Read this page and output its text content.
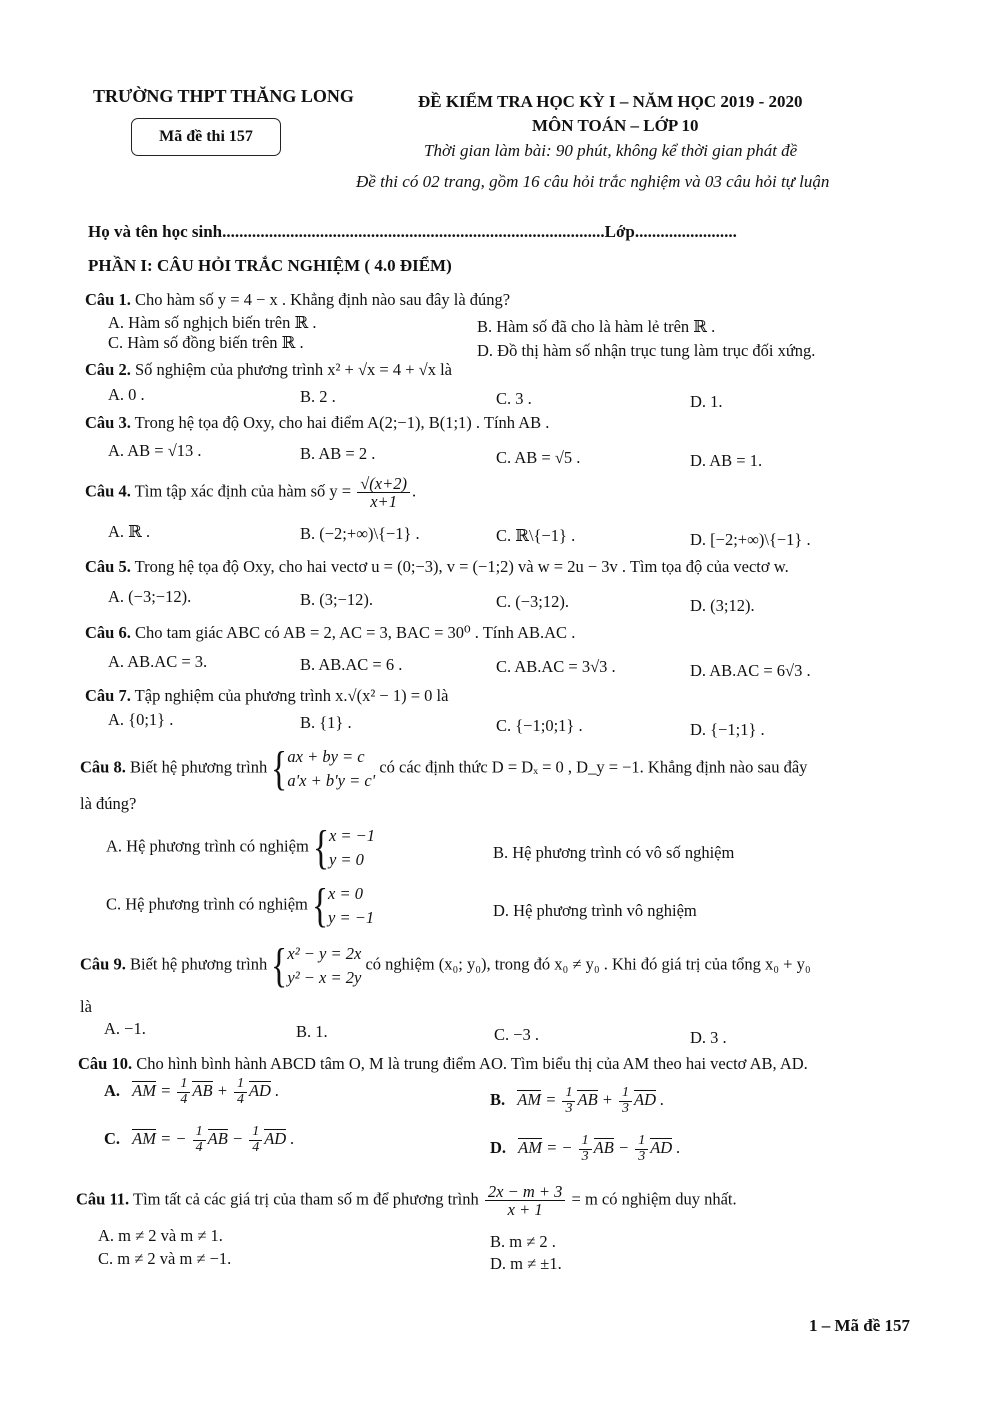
TRƯỜNG THPT THĂNG LONG	ĐỀ KIỂM TRA HỌC KỲ I – NĂM HỌC 2019 - 2020
MÔN TOÁN – LỚP 10
Mã đề thi 157
Thời gian làm bài: 90 phút, không kể thời gian phát đề
Đề thi có 02 trang, gồm 16 câu hỏi trắc nghiệm và 03 câu hỏi tự luận
Họ và tên học sinh..........................................................................................Lớp........................
PHẦN I: CÂU HỎI TRẮC NGHIỆM ( 4.0 ĐIỂM)
Câu 1. Cho hàm số y = 4 − x . Khẳng định nào sau đây là đúng?
A. Hàm số nghịch biến trên ℝ .	B. Hàm số đã cho là hàm lẻ trên ℝ .
C. Hàm số đồng biến trên ℝ .	D. Đồ thị hàm số nhận trục tung làm trục đối xứng.
Câu 2. Số nghiệm của phương trình x² + √x = 4 + √x là
A. 0 .	B. 2 .	C. 3 .	D. 1.
Câu 3. Trong hệ tọa độ Oxy, cho hai điểm A(2;−1), B(1;1) . Tính AB .
A. AB = √13 .	B. AB = 2 .	C. AB = √5 .	D. AB = 1.
Câu 4. Tìm tập xác định của hàm số $y = \frac{√(x+2)}{x+1}$ .
A. ℝ .	B. (−2;+∞)\{−1} .	C. ℝ\{−1} .	D. [−2;+∞)\{−1} .
Câu 5. Trong hệ tọa độ Oxy, cho hai vectơ u = (0;−3), v = (−1;2) và w = 2u − 3v . Tìm tọa độ của vectơ w.
A. (−3;−12).	B. (3;−12).	C. (−3;12).	D. (3;12).
Câu 6. Cho tam giác ABC có AB = 2, AC = 3, BAC = 30⁰ . Tính AB.AC .
A. AB.AC = 3.	B. AB.AC = 6 .	C. AB.AC = 3√3 .	D. AB.AC = 6√3 .
Câu 7. Tập nghiệm của phương trình x.√(x² − 1) = 0 là
A. {0;1} .	B. {1} .	C. {−1;0;1} .	D. {−1;1} .
Câu 8. Biết hệ phương trình { ax + by = c
a'x + b'y = c'
có các định thức D = Dₓ = 0 , D_y = −1. Khẳng định nào sau đây
là đúng?
A. Hệ phương trình có nghiệm { x = −1
y = 0	B. Hệ phương trình có vô số nghiệm
C. Hệ phương trình có nghiệm { x = 0
y = −1	D. Hệ phương trình vô nghiệm
Câu 9. Biết hệ phương trình { x² − y = 2x
y² − x = 2y
có nghiệm (x₀; y₀), trong đó x₀ ≠ y₀ . Khi đó giá trị của tổng x₀ + y₀
là
A. −1.	B. 1.	C. −3 .	D. 3 .
Câu 10. Cho hình bình hành ABCD tâm O, M là trung điểm AO. Tìm biểu thị của AM theo hai vectơ AB, AD.
A. AM = $\frac{1}{4}$ AB + $\frac{1}{4}$ AD .	B. AM = $\frac{1}{3}$ AB + $\frac{1}{3}$ AD .
C. AM = − $\frac{1}{4}$ AB − $\frac{1}{4}$ AD .	D. AM = − $\frac{1}{3}$ AB − $\frac{1}{3}$ AD .
Câu 11. Tìm tất cả các giá trị của tham số m để phương trình $\frac{2x - m + 3}{x + 1} = m$ có nghiệm duy nhất.
A. m ≠ 2 và m ≠ 1.	B. m ≠ 2 .
C. m ≠ 2 và m ≠ −1.	D. m ≠ ±1.
1 – Mã đề 157
